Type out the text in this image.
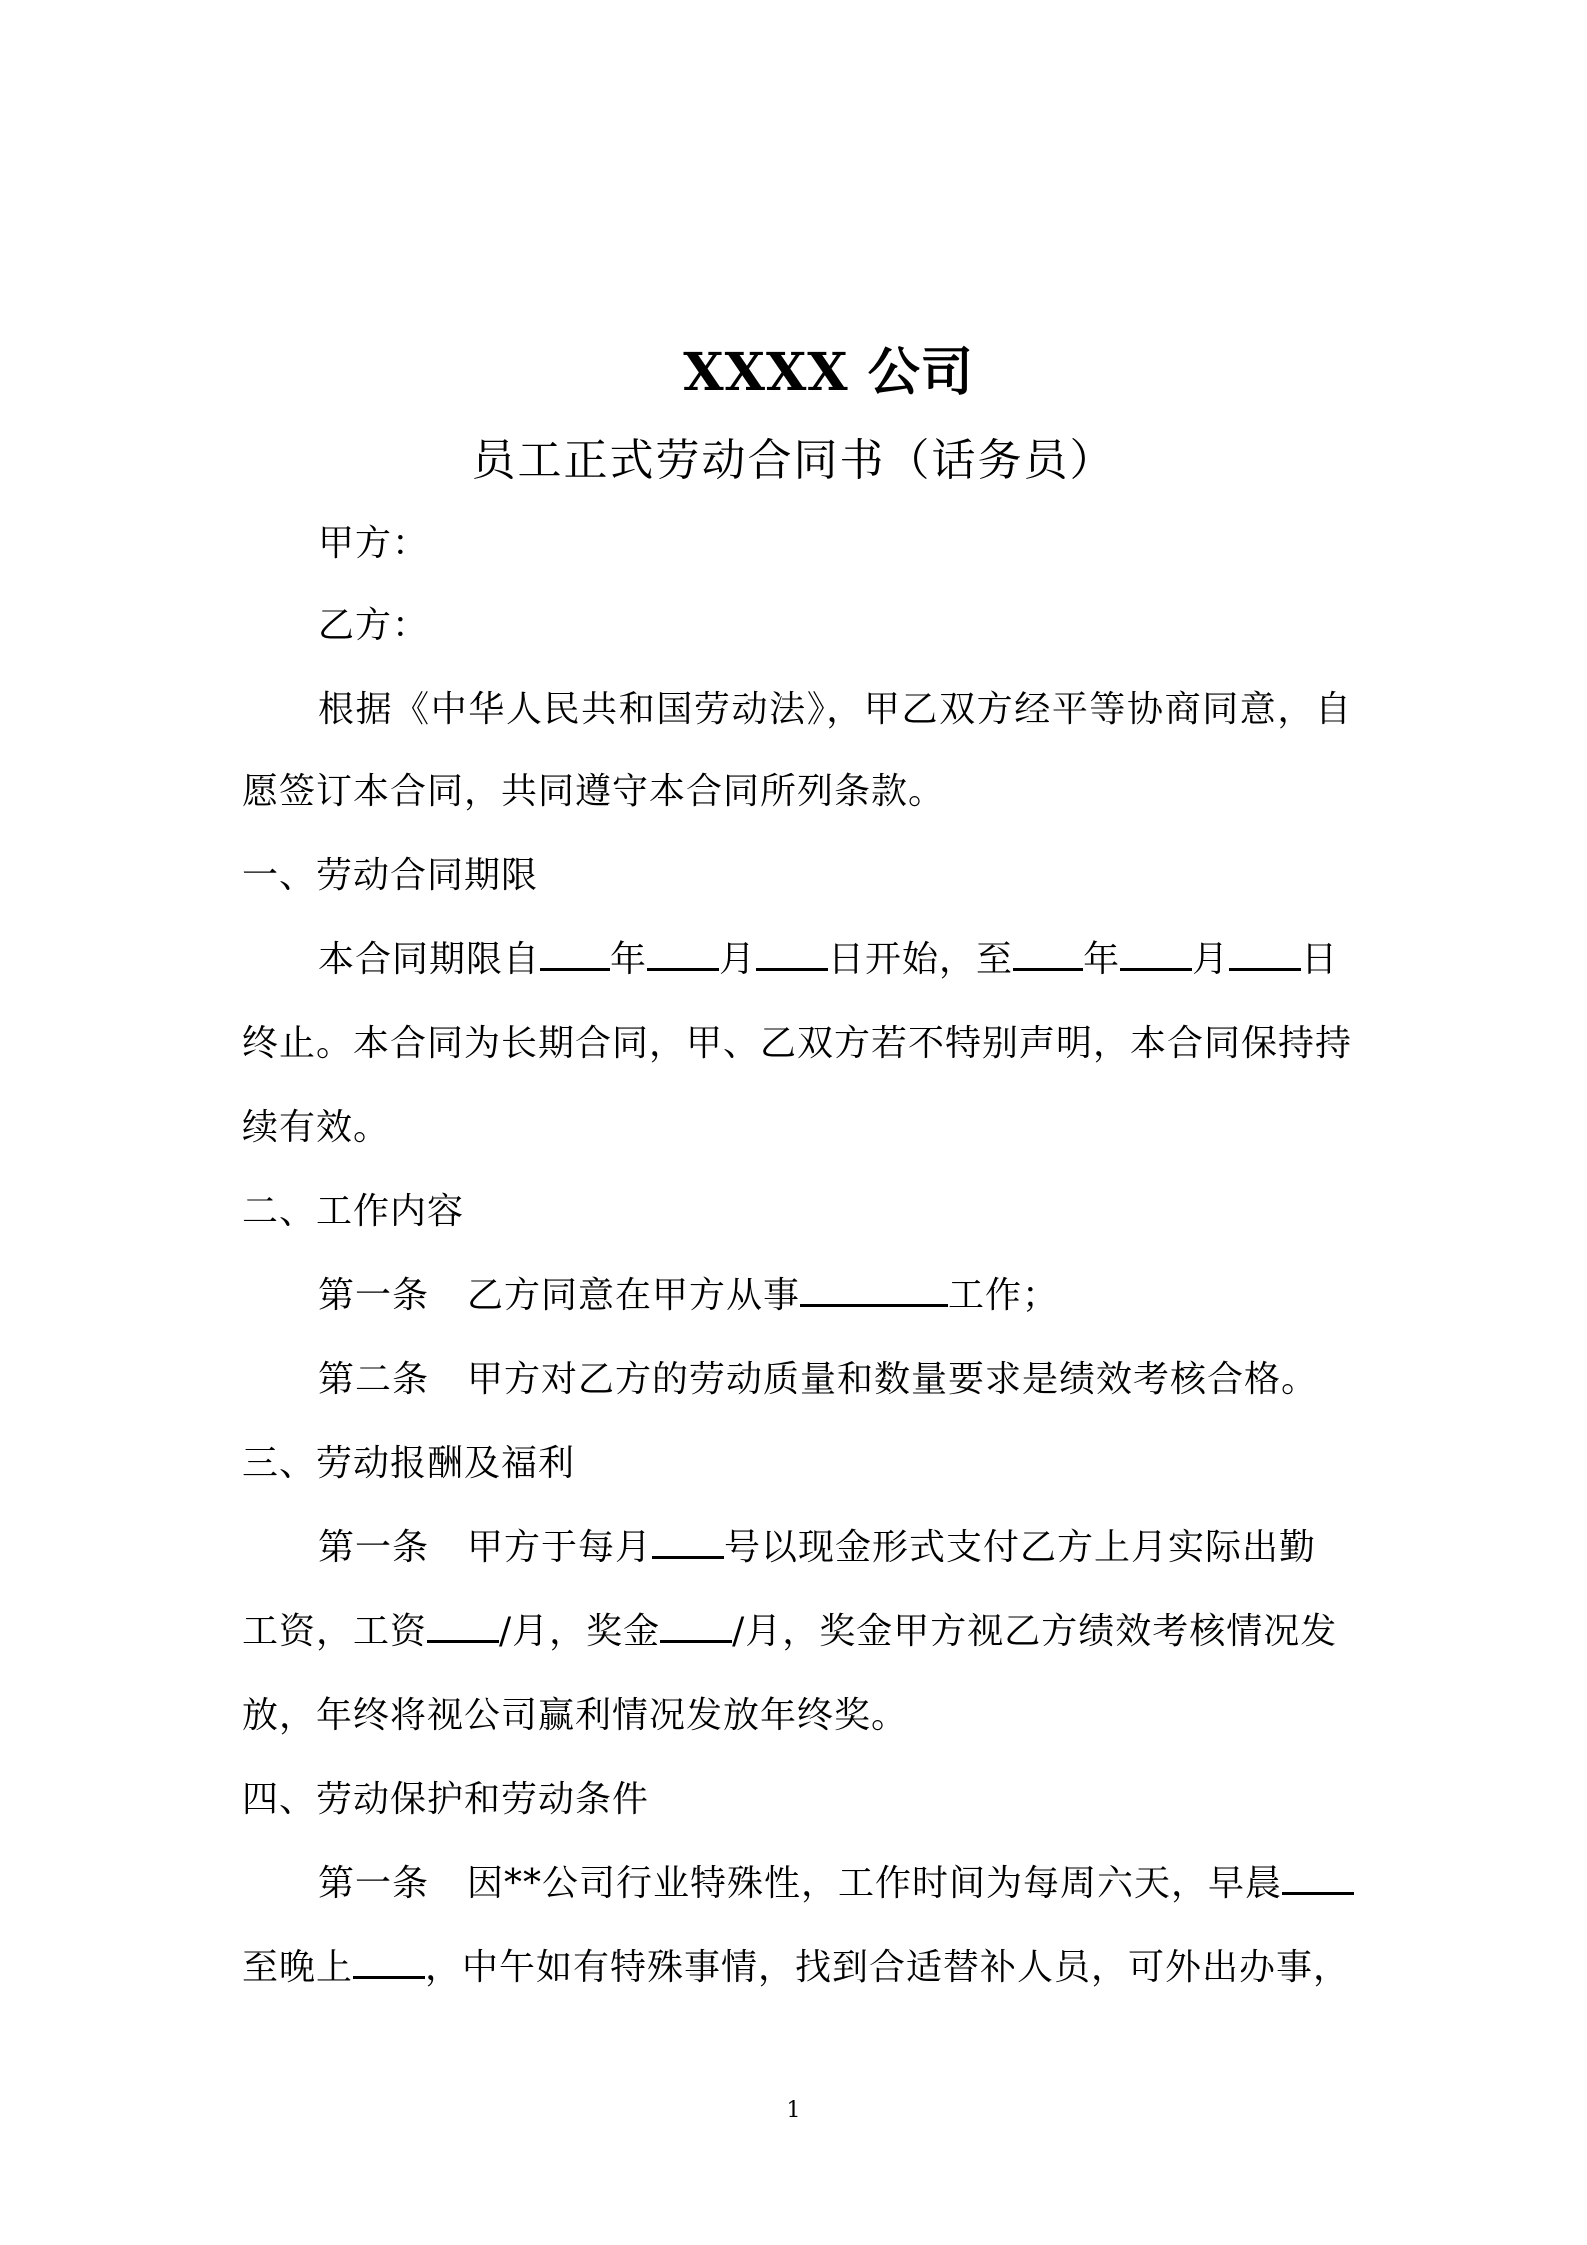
XXXX 公司
员工正式劳动合同书（话务员）
甲方：
乙方：
根据《中华人民共和国劳动法》，甲乙双方经平等协商同意，自
愿签订本合同，共同遵守本合同所列条款。
一、劳动合同期限
本合同期限自 年 月 日开始，至 年 月 日
终止。本合同为长期合同，甲、乙双方若不特别声明，本合同保持持
续有效。
二、工作内容
第一条 乙方同意在甲方从事	工作；
第二条 甲方对乙方的劳动质量和数量要求是绩效考核合格。
三、劳动报酬及福利
第一条 甲方于每月 号以现金形式支付乙方上月实际出勤
工资，工资 /月，奖金 /月，奖金甲方视乙方绩效考核情况发
放，年终将视公司赢利情况发放年终奖。
四、劳动保护和劳动条件
第一条 因**公司行业特殊性，工作时间为每周六天，早晨
至晚上 ，中午如有特殊事情，找到合适替补人员，可外出办事，
1
